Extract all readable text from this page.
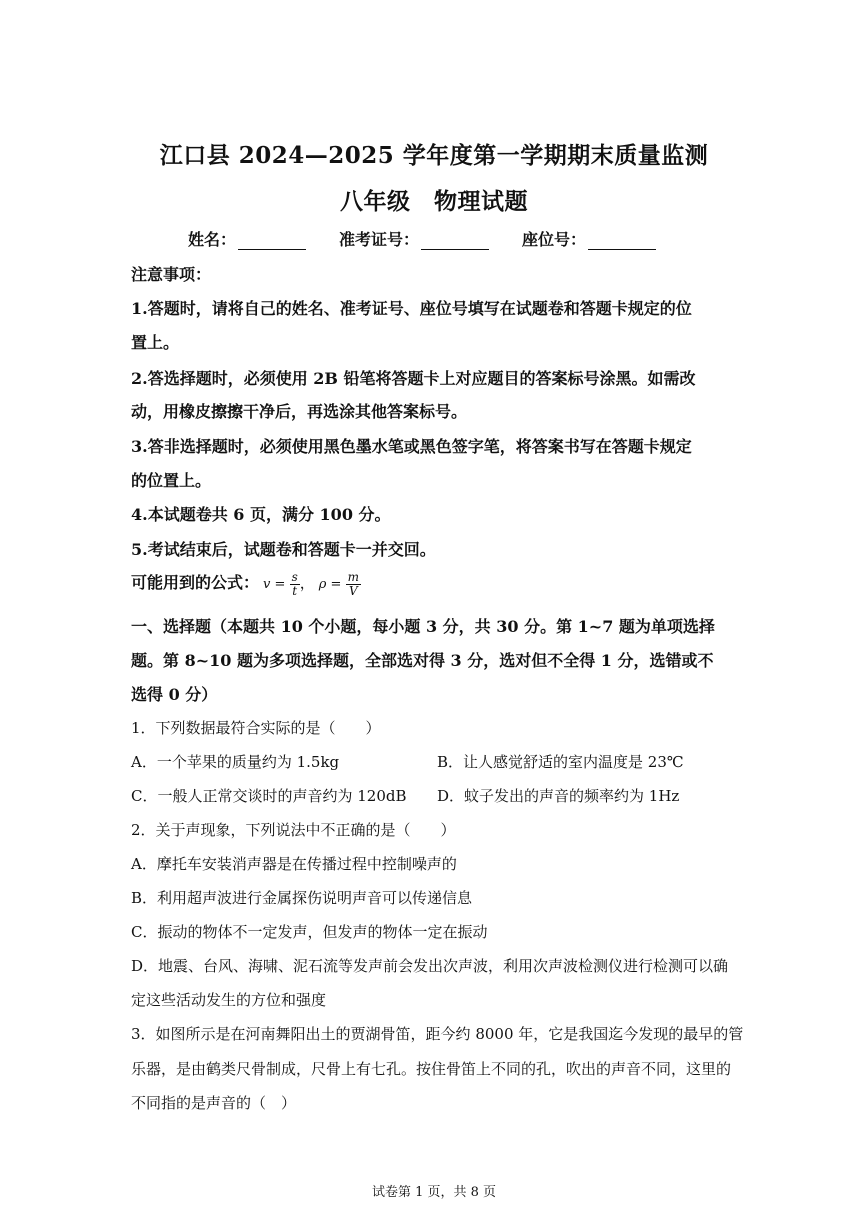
江口县 2024—2025 学年度第一学期期末质量监测
八年级　物理试题
姓名：	准考证号：	座位号：
注意事项：
1.答题时，请将自己的姓名、准考证号、座位号填写在试题卷和答题卡规定的位
置上。
2.答选择题时，必须使用 2B 铅笔将答题卡上对应题目的答案标号涂黑。如需改
动，用橡皮擦擦干净后，再选涂其他答案标号。
3.答非选择题时，必须使用黑色墨水笔或黑色签字笔，将答案书写在答题卡规定
的位置上。
4.本试题卷共 6 页，满分 100 分。
5.考试结束后，试题卷和答题卡一并交回。
可能用到的公式： $v = \frac{s}{t}$ ， $\rho = \frac{m}{V}$
一、选择题（本题共 10 个小题，每小题 3 分，共 30 分。第 1~7 题为单项选择
题。第 8~10 题为多项选择题，全部选对得 3 分，选对但不全得 1 分，选错或不
选得 0 分）
1．下列数据最符合实际的是（　　）
A．一个苹果的质量约为 1.5kg	B．让人感觉舒适的室内温度是 23℃
C．一般人正常交谈时的声音约为 120dB D．蚊子发出的声音的频率约为 1Hz
2．关于声现象，下列说法中不正确的是（　　）
A．摩托车安装消声器是在传播过程中控制噪声的
B．利用超声波进行金属探伤说明声音可以传递信息
C．振动的物体不一定发声，但发声的物体一定在振动
D．地震、台风、海啸、泥石流等发声前会发出次声波，利用次声波检测仪进行检测可以确
定这些活动发生的方位和强度
3．如图所示是在河南舞阳出土的贾湖骨笛，距今约 8000 年，它是我国迄今发现的最早的管
乐器，是由鹤类尺骨制成，尺骨上有七孔。按住骨笛上不同的孔，吹出的声音不同，这里的
不同指的是声音的（　）
试卷第 1 页，共 8 页
